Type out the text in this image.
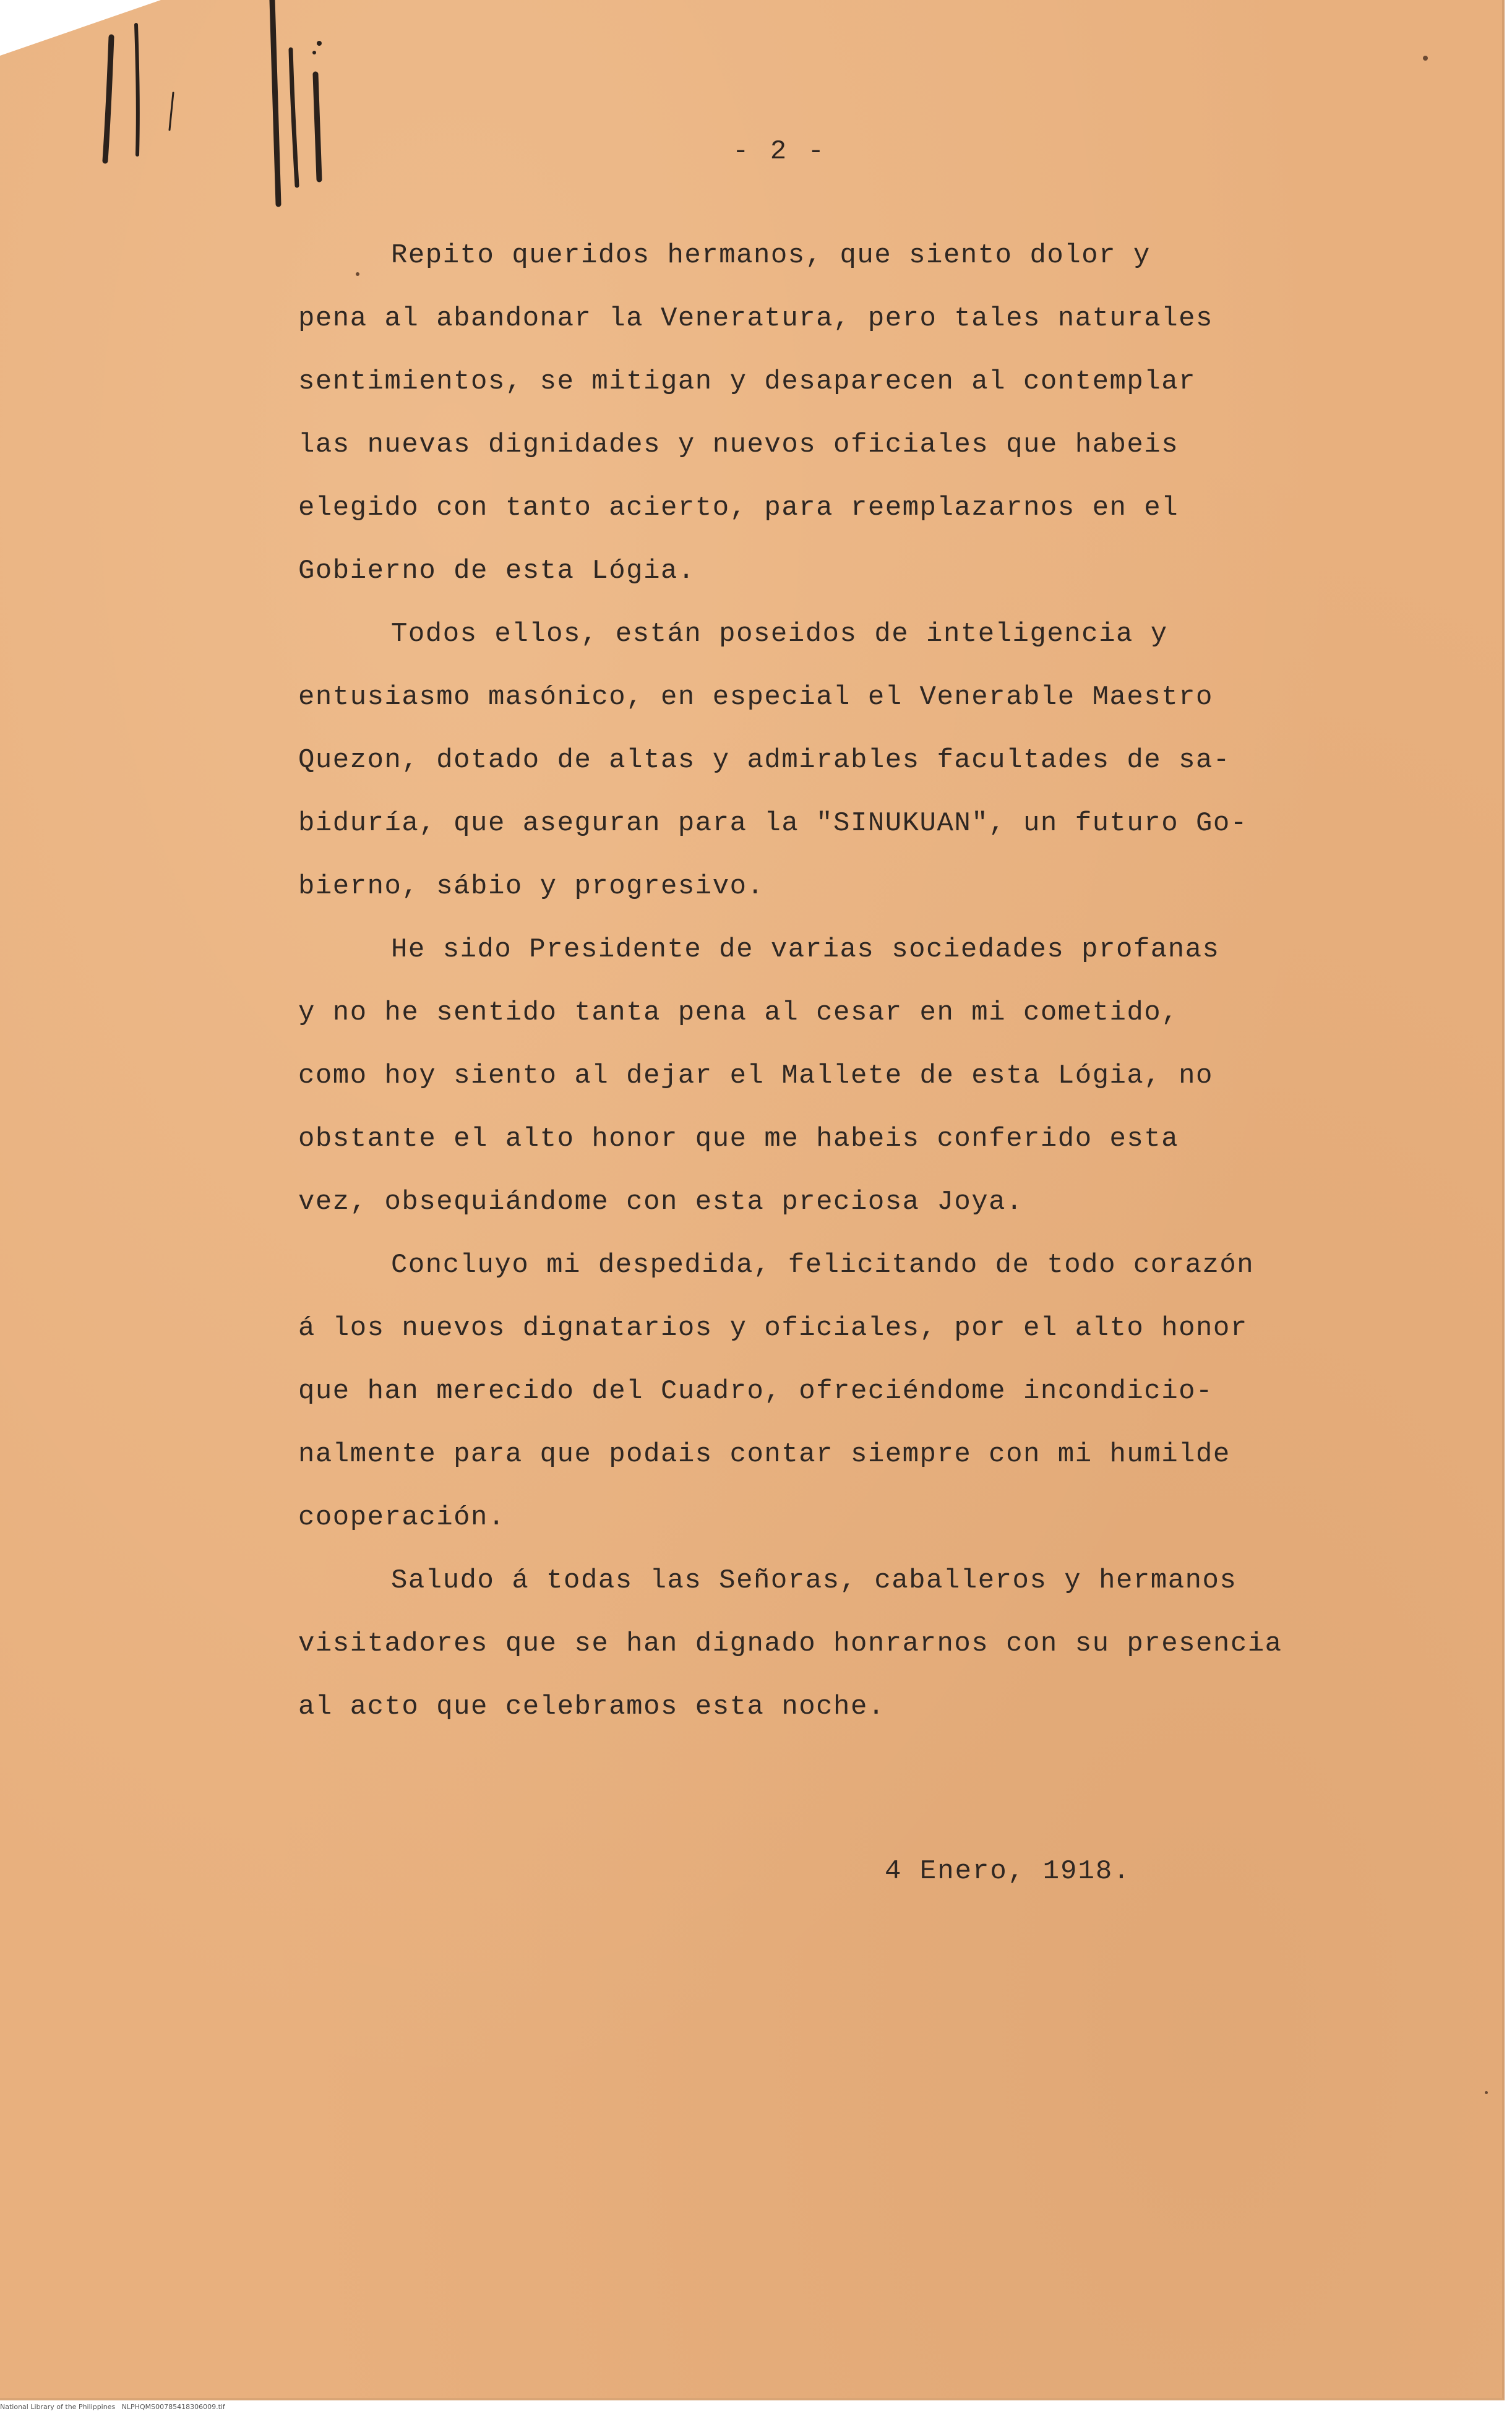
- 2 -
Repito queridos hermanos, que siento dolor y
pena al abandonar la Veneratura, pero tales naturales
sentimientos, se mitigan y desaparecen al contemplar
las nuevas dignidades y nuevos oficiales que habeis
elegido con tanto acierto, para reemplazarnos en el
Gobierno de esta Lógia.
Todos ellos, están poseidos de inteligencia y
entusiasmo masónico, en especial el Venerable Maestro
Quezon, dotado de altas y admirables facultades de sa-
biduría, que aseguran para la "SINUKUAN", un futuro Go-
bierno, sábio y progresivo.
He sido Presidente de varias sociedades profanas
y no he sentido tanta pena al cesar en mi cometido,
como hoy siento al dejar el Mallete de esta Lógia, no
obstante el alto honor que me habeis conferido esta
vez, obsequiándome con esta preciosa Joya.
Concluyo mi despedida, felicitando de todo corazón
á los nuevos dignatarios y oficiales, por el alto honor
que han merecido del Cuadro, ofreciéndome incondicio-
nalmente para que podais contar siempre con mi humilde
cooperación.
Saludo á todas las Señoras, caballeros y hermanos
visitadores que se han dignado honrarnos con su presencia
al acto que celebramos esta noche.
4 Enero, 1918.
National Library of the Philippines   NLPHQMS00785418306009.tif
